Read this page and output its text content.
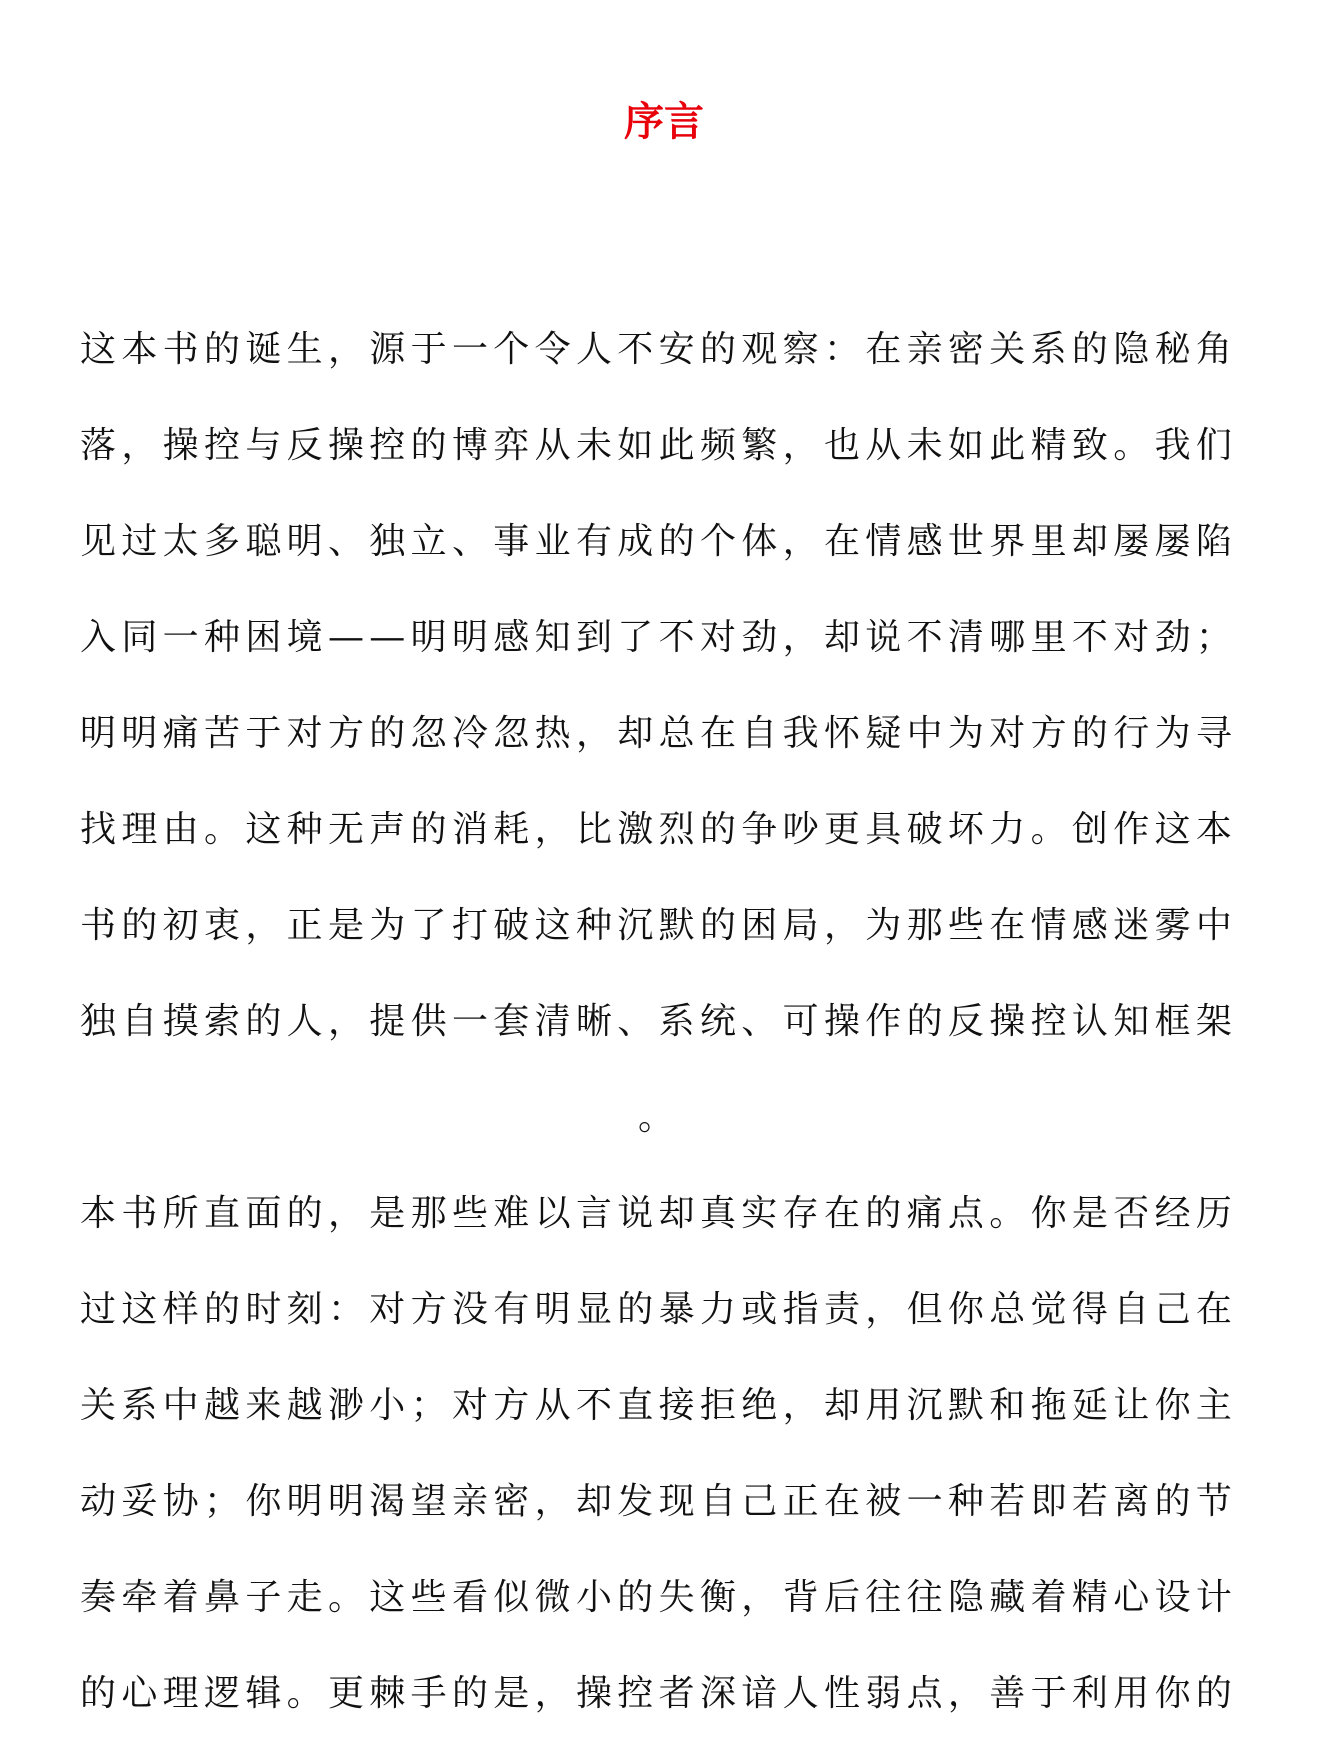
序言
这本书的诞生，源于一个令人不安的观察：在亲密关系的隐秘角
落，操控与反操控的博弈从未如此频繁，也从未如此精致。我们
见过太多聪明、独立、事业有成的个体，在情感世界里却屡屡陷
入同一种困境——明明感知到了不对劲，却说不清哪里不对劲；
明明痛苦于对方的忽冷忽热，却总在自我怀疑中为对方的行为寻
找理由。这种无声的消耗，比激烈的争吵更具破坏力。创作这本
书的初衷，正是为了打破这种沉默的困局，为那些在情感迷雾中
独自摸索的人，提供一套清晰、系统、可操作的反操控认知框架
。
本书所直面的，是那些难以言说却真实存在的痛点。你是否经历
过这样的时刻：对方没有明显的暴力或指责，但你总觉得自己在
关系中越来越渺小；对方从不直接拒绝，却用沉默和拖延让你主
动妥协；你明明渴望亲密，却发现自己正在被一种若即若离的节
奏牵着鼻子走。这些看似微小的失衡，背后往往隐藏着精心设计
的心理逻辑。更棘手的是，操控者深谙人性弱点，善于利用你的
